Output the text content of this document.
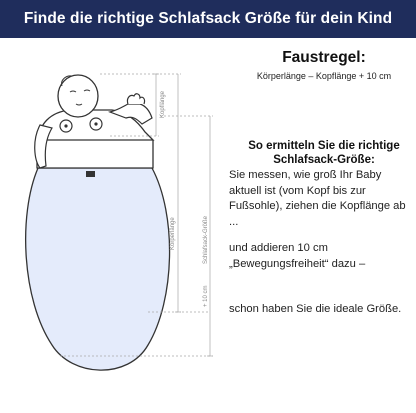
Finde die richtige Schlafsack Größe für dein Kind
Kopflänge
Körperlänge	Schlafsack-Größe
+ 10 cm
Faustregel:
Körperlänge – Kopflänge + 10 cm
So ermitteln Sie die richtige
Schlafsack-Größe:
Sie messen, wie groß Ihr Baby aktuell ist (vom Kopf bis zur Fußsohle), ziehen die Kopflänge ab ...
und addieren 10 cm „Bewegungsfreiheit“ dazu –
schon haben Sie die ideale Größe.
